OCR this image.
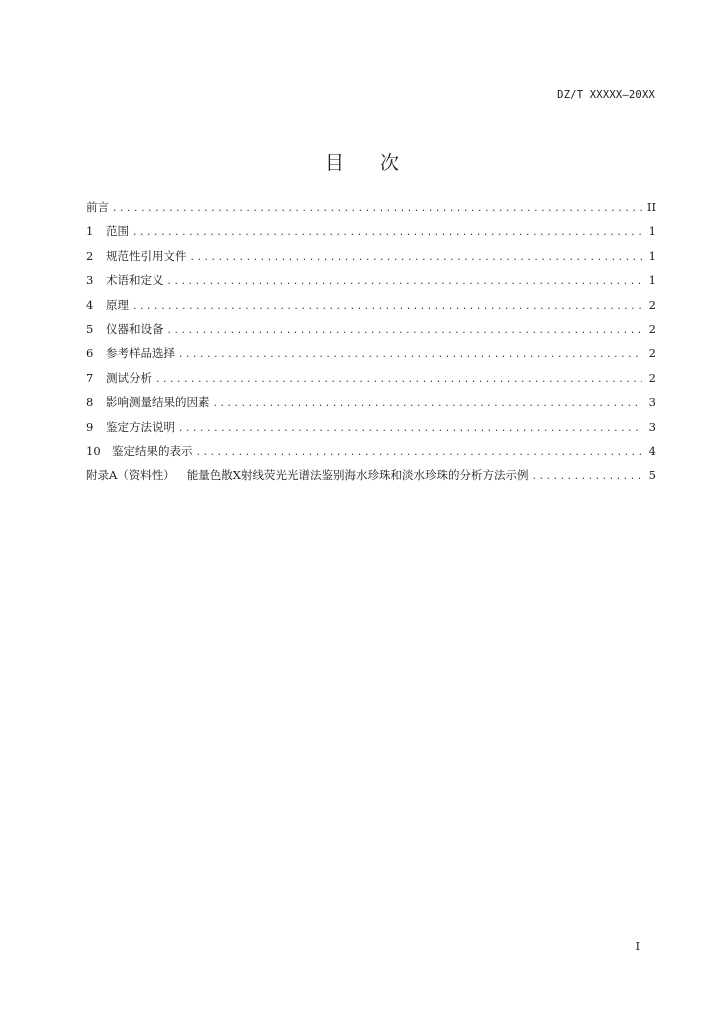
DZ/T XXXXX—20XX
目 次
前言 .....	II
1	范围 .....	1
2	规范性引用文件 .....	1
3	术语和定义 .....	1
4	原理 .....	2
5	仪器和设备 .....	2
6	参考样品选择 .....	2
7	测试分析 .....	2
8	影响测量结果的因素 .....	3
9	鉴定方法说明 .....	3
10 鉴定结果的表示 .....	4
附录A（资料性） 能量色散X射线荧光光谱法鉴别海水珍珠和淡水珍珠的分析方法示例 .....	5
I
